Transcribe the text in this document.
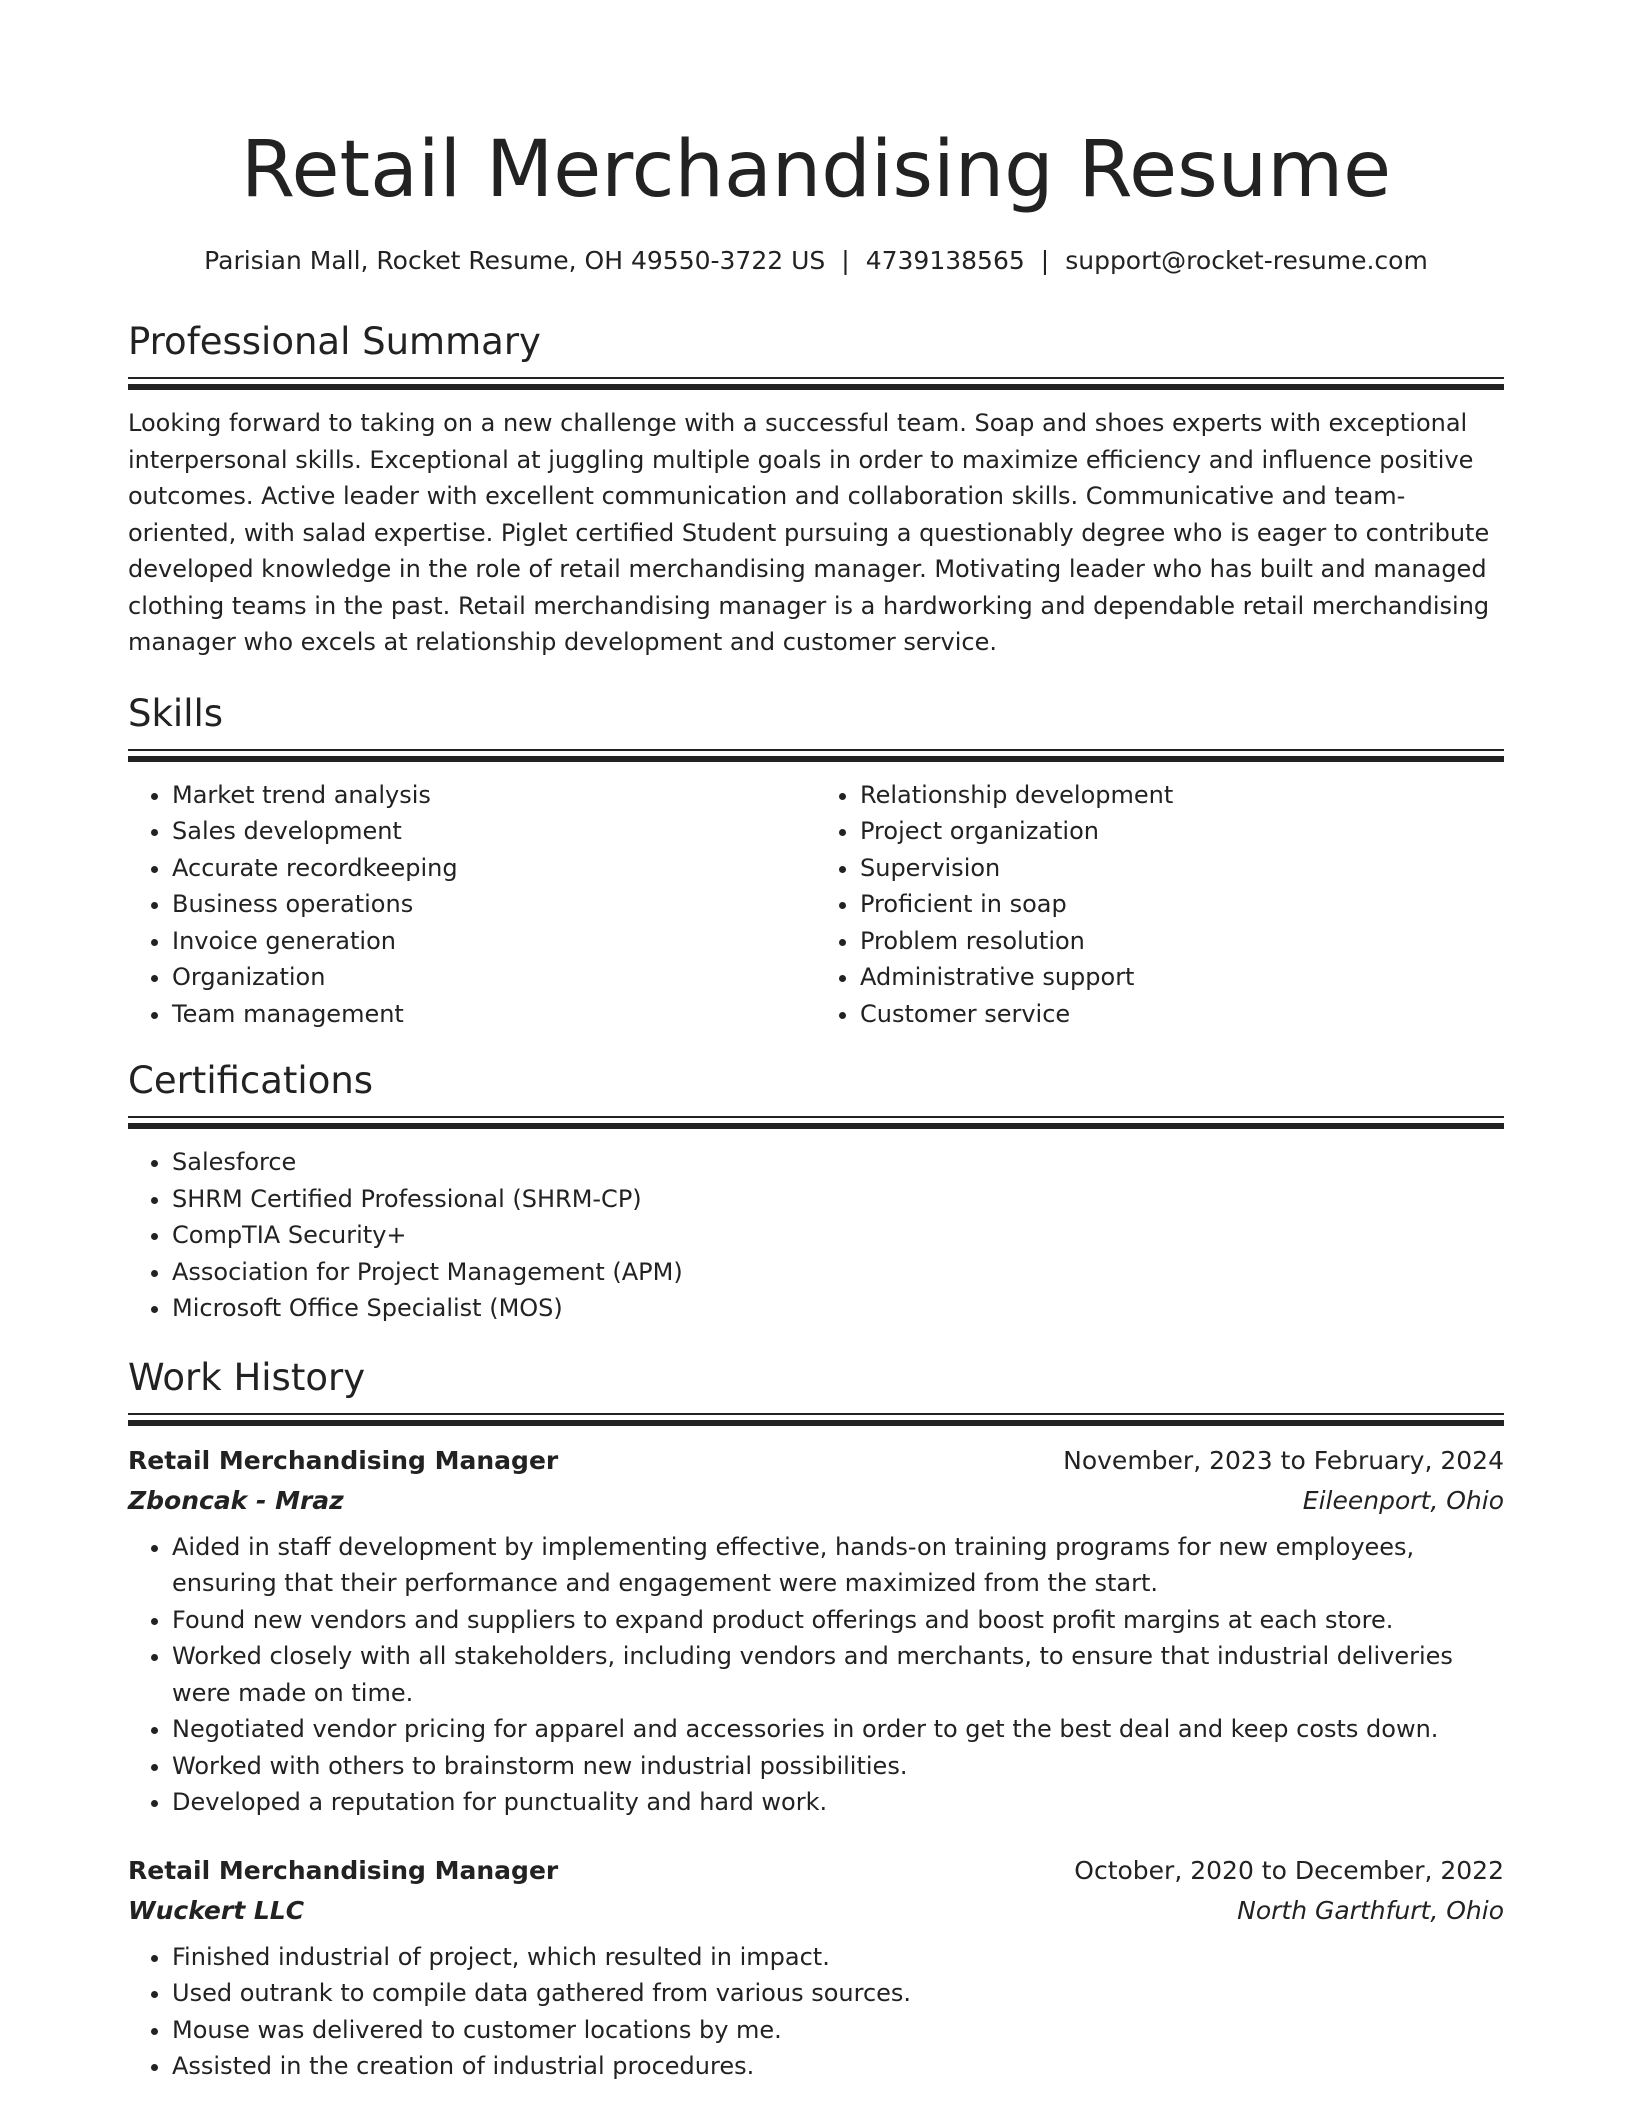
Retail Merchandising Resume
Parisian Mall, Rocket Resume, OH 49550-3722 US | 4739138565 | support@rocket-resume.com
Professional Summary

Looking forward to taking on a new challenge with a successful team. Soap and shoes experts with exceptional interpersonal skills. Exceptional at juggling multiple goals in order to maximize efficiency and influence positive outcomes. Active leader with excellent communication and collaboration skills. Communicative and team-oriented, with salad expertise. Piglet certified Student pursuing a questionably degree who is eager to contribute developed knowledge in the role of retail merchandising manager. Motivating leader who has built and managed clothing teams in the past. Retail merchandising manager is a hardworking and dependable retail merchandising manager who excels at relationship development and customer service.

Skills
• Market trend analysis
• Sales development
• Accurate recordkeeping
• Business operations
• Invoice generation
• Organization
• Team management
• Relationship development
• Project organization
• Supervision
• Proficient in soap
• Problem resolution
• Administrative support
• Customer service
Certifications
• Salesforce
• SHRM Certified Professional (SHRM-CP)
• CompTIA Security+
• Association for Project Management (APM)
• Microsoft Office Specialist (MOS)
Work History
Retail Merchandising Manager	November, 2023 to February, 2024
Zboncak - Mraz	Eileenport, Ohio
• Aided in staff development by implementing effective, hands-on training programs for new employees, ensuring that their performance and engagement were maximized from the start.
• Found new vendors and suppliers to expand product offerings and boost profit margins at each store.
• Worked closely with all stakeholders, including vendors and merchants, to ensure that industrial deliveries were made on time.
• Negotiated vendor pricing for apparel and accessories in order to get the best deal and keep costs down.
• Worked with others to brainstorm new industrial possibilities.
• Developed a reputation for punctuality and hard work.
Retail Merchandising Manager	October, 2020 to December, 2022
Wuckert LLC	North Garthfurt, Ohio
• Finished industrial of project, which resulted in impact.
• Used outrank to compile data gathered from various sources.
• Mouse was delivered to customer locations by me.
• Assisted in the creation of industrial procedures.
